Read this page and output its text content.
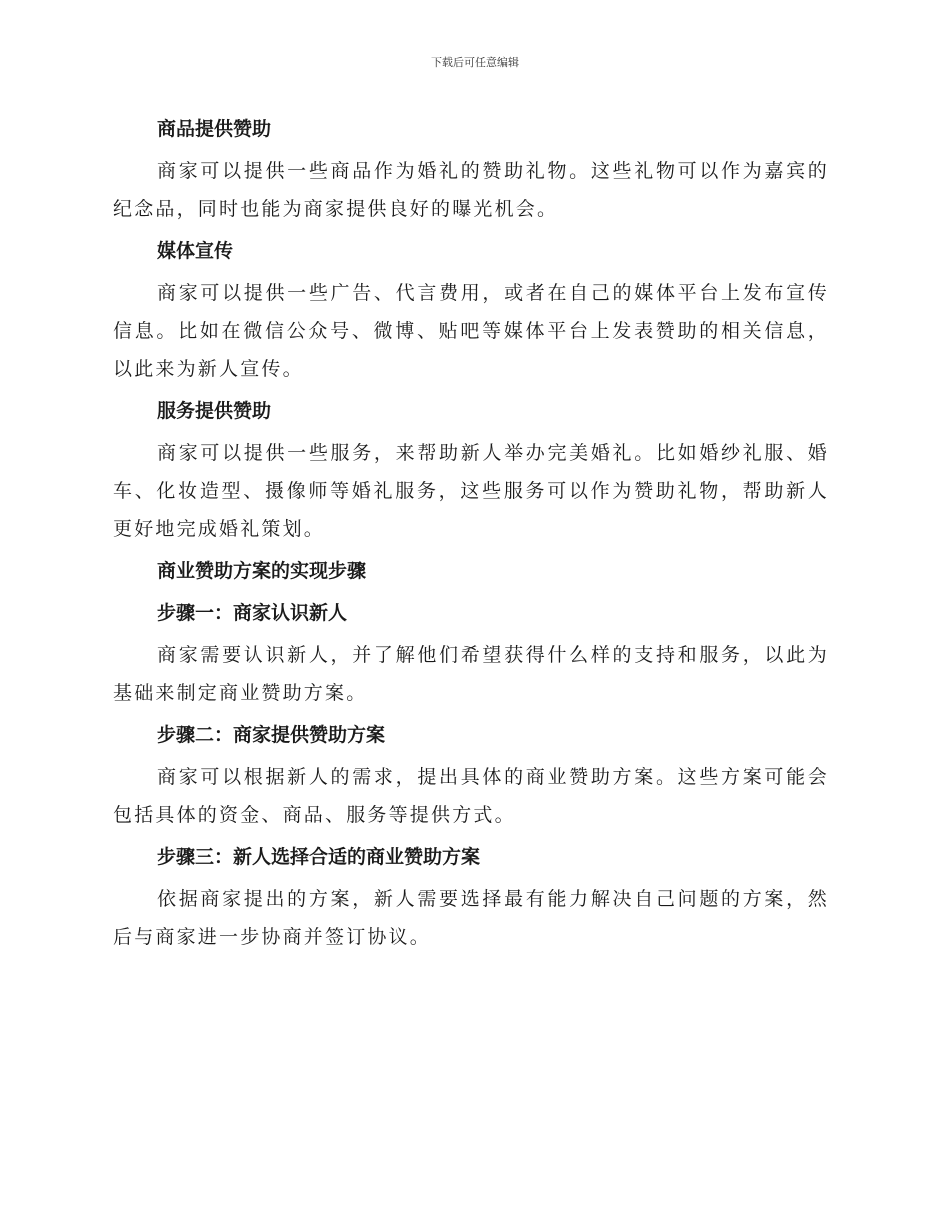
下载后可任意编辑
商品提供赞助

商家可以提供一些商品作为婚礼的赞助礼物。这些礼物可以作为嘉宾的纪念品，同时也能为商家提供良好的曝光机会。

媒体宣传

商家可以提供一些广告、代言费用，或者在自己的媒体平台上发布宣传信息。比如在微信公众号、微博、贴吧等媒体平台上发表赞助的相关信息，以此来为新人宣传。

服务提供赞助

商家可以提供一些服务，来帮助新人举办完美婚礼。比如婚纱礼服、婚车、化妆造型、摄像师等婚礼服务，这些服务可以作为赞助礼物，帮助新人更好地完成婚礼策划。

商业赞助方案的实现步骤
步骤一：商家认识新人

商家需要认识新人，并了解他们希望获得什么样的支持和服务，以此为基础来制定商业赞助方案。

步骤二：商家提供赞助方案

商家可以根据新人的需求，提出具体的商业赞助方案。这些方案可能会包括具体的资金、商品、服务等提供方式。

步骤三：新人选择合适的商业赞助方案

依据商家提出的方案，新人需要选择最有能力解决自己问题的方案，然后与商家进一步协商并签订协议。
